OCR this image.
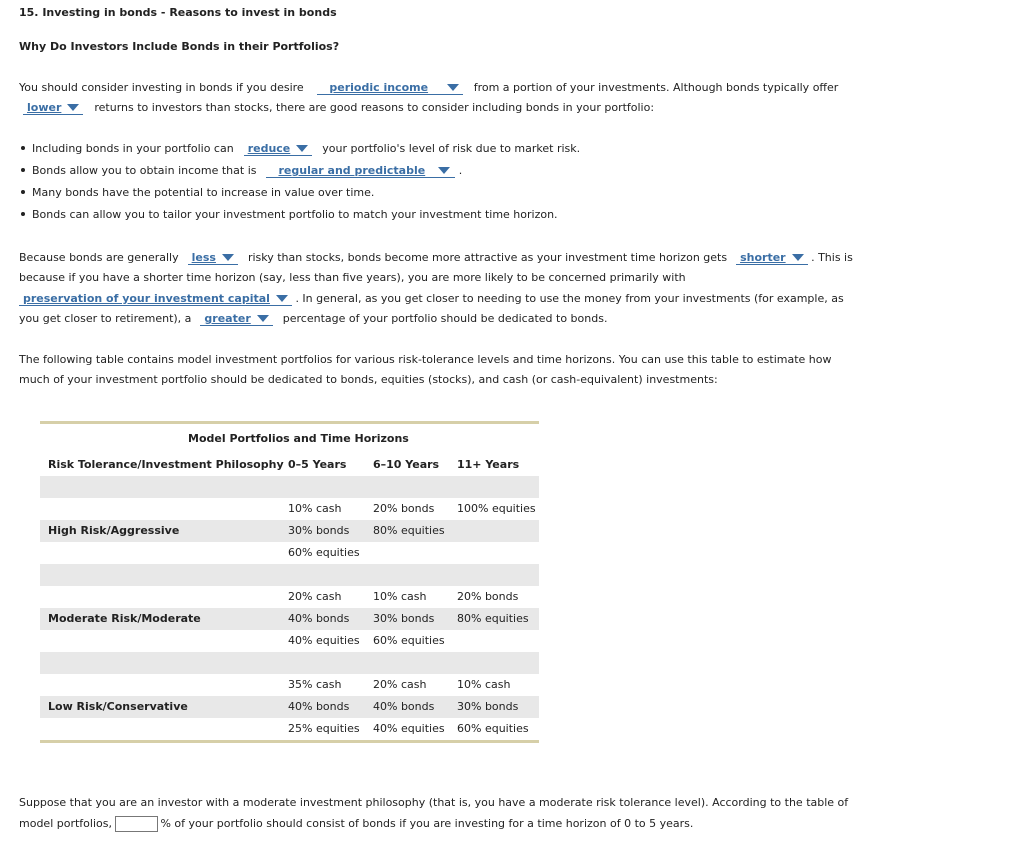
15. Investing in bonds - Reasons to invest in bonds
Why Do Investors Include Bonds in their Portfolios?
You should consider investing in bonds if you desire periodic income	from a portion of your investments. Although bonds typically offer
lower	returns to investors than stocks, there are good reasons to consider including bonds in your portfolio:
Including bonds in your portfolio can reduce	your portfolio's level of risk due to market risk.
Bonds allow you to obtain income that is regular and predictable	.
Many bonds have the potential to increase in value over time.
Bonds can allow you to tailor your investment portfolio to match your investment time horizon.
Because bonds are generally less	risky than stocks, bonds become more attractive as your investment time horizon gets shorter . This is
because if you have a shorter time horizon (say, less than five years), you are more likely to be concerned primarily with
preservation of your investment capital . In general, as you get closer to needing to use the money from your investments (for example, as
you get closer to retirement), a greater	percentage of your portfolio should be dedicated to bonds.
The following table contains model investment portfolios for various risk-tolerance levels and time horizons. You can use this table to estimate how
much of your investment portfolio should be dedicated to bonds, equities (stocks), and cash (or cash-equivalent) investments:
Model Portfolios and Time Horizons			
Risk Tolerance/Investment Philosophy	0–5 Years	6–10 Years	11+ Years

	10% cash	20% bonds	100% equities
High Risk/Aggressive	30% bonds	80% equities	
	60% equities		

	20% cash	10% cash	20% bonds
Moderate Risk/Moderate	40% bonds	30% bonds	80% equities
	40% equities	60% equities	

	35% cash	20% cash	10% cash
Low Risk/Conservative	40% bonds	40% bonds	30% bonds
	25% equities	40% equities	60% equities
Suppose that you are an investor with a moderate investment philosophy (that is, you have a moderate risk tolerance level). According to the table of
model portfolios,	% of your portfolio should consist of bonds if you are investing for a time horizon of 0 to 5 years.
